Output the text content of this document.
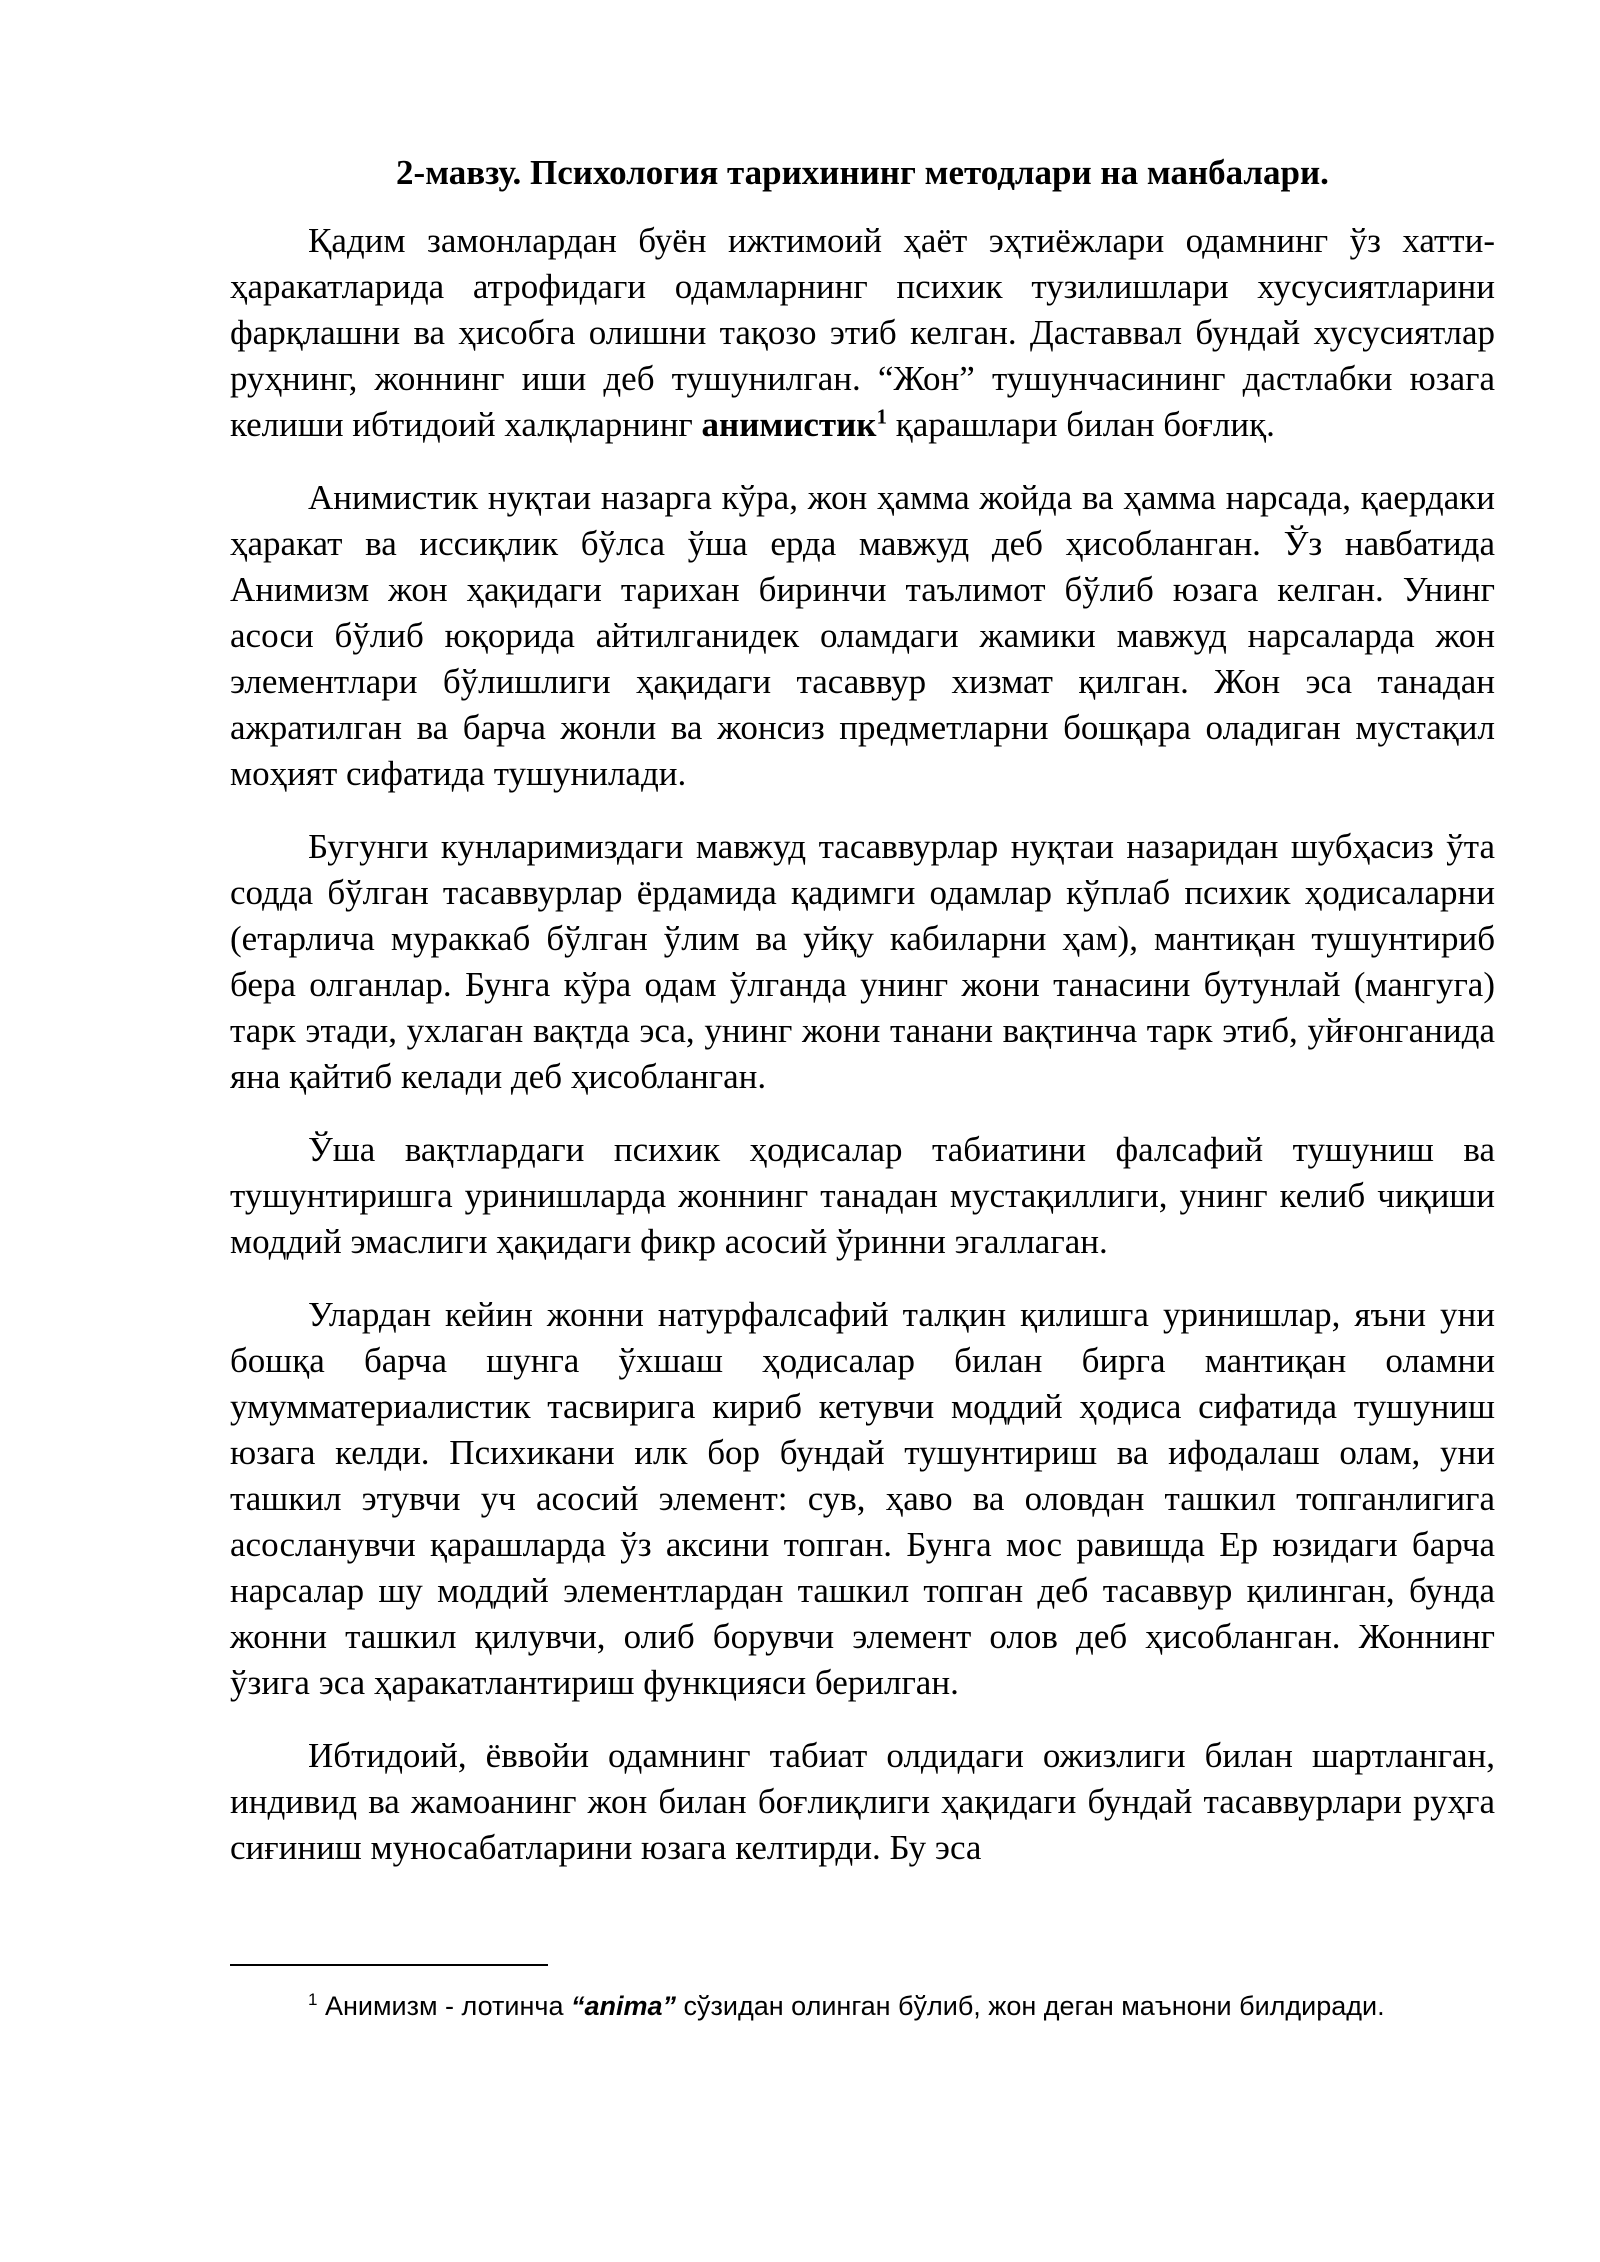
2-мавзу. Психология тарихининг методлари на манбалари.

Қадим замонлардан буён ижтимоий ҳаёт эҳтиёжлари одамнинг ўз хатти-ҳаракатларида атрофидаги одамларнинг психик тузилишлари хусусиятларини фарқлашни ва ҳисобга олишни тақозо этиб келган. Даставвал бундай хусусиятлар руҳнинг, жоннинг иши деб тушунилган. “Жон” тушунчасининг дастлабки юзага келиши ибтидоий халқларнинг анимистик$^1$ қарашлари билан боғлиқ.

Анимистик нуқтаи назарга кўра, жон ҳамма жойда ва ҳамма нарсада, қаердаки ҳаракат ва иссиқлик бўлса ўша ерда мавжуд деб ҳисобланган. Ўз навбатида Анимизм жон ҳақидаги тарихан биринчи таълимот бўлиб юзага келган. Унинг асоси бўлиб юқорида айтилганидек оламдаги жамики мавжуд нарсаларда жон элементлари бўлишлиги ҳақидаги тасаввур хизмат қилган. Жон эса танадан ажратилган ва барча жонли ва жонсиз предметларни бошқара оладиган мустақил моҳият сифатида тушунилади.

Бугунги кунларимиздаги мавжуд тасаввурлар нуқтаи назаридан шубҳасиз ўта содда бўлган тасаввурлар ёрдамида қадимги одамлар кўплаб психик ҳодисаларни (етарлича мураккаб бўлган ўлим ва уйқу кабиларни ҳам), мантиқан тушунтириб бера олганлар. Бунга кўра одам ўлганда унинг жони танасини бутунлай (мангуга) тарк этади, ухлаган вақтда эса, унинг жони танани вақтинча тарк этиб, уйғонганида яна қайтиб келади деб ҳисобланган.

Ўша вақтлардаги психик ҳодисалар табиатини фалсафий тушуниш ва тушунтиришга уринишларда жоннинг танадан мустақиллиги, унинг келиб чиқиши моддий эмаслиги ҳақидаги фикр асосий ўринни эгаллаган.

Улардан кейин жонни натурфалсафий талқин қилишга уринишлар, яъни уни бошқа барча шунга ўхшаш ҳодисалар билан бирга мантиқан оламни умумматериалистик тасвирига кириб кетувчи моддий ҳодиса сифатида тушуниш юзага келди. Психикани илк бор бундай тушунтириш ва ифодалаш олам, уни ташкил этувчи уч асосий элемент: сув, ҳаво ва оловдан ташкил топганлигига асосланувчи қарашларда ўз аксини топган. Бунга мос равишда Ер юзидаги барча нарсалар шу моддий элементлардан ташкил топган деб тасаввур қилинган, бунда жонни ташкил қилувчи, олиб борувчи элемент олов деб ҳисобланган. Жоннинг ўзига эса ҳаракатлантириш функцияси берилган.

Ибтидоий, ёввойи одамнинг табиат олдидаги ожизлиги билан шартланган, индивид ва жамоанинг жон билан боғлиқлиги ҳақидаги бундай тасаввурлари руҳга сиғиниш муносабатларини юзага келтирди. Бу эса

$^1$ Анимизм - лотинча “anima” сўзидан олинган бўлиб, жон деган маънони билдиради.
